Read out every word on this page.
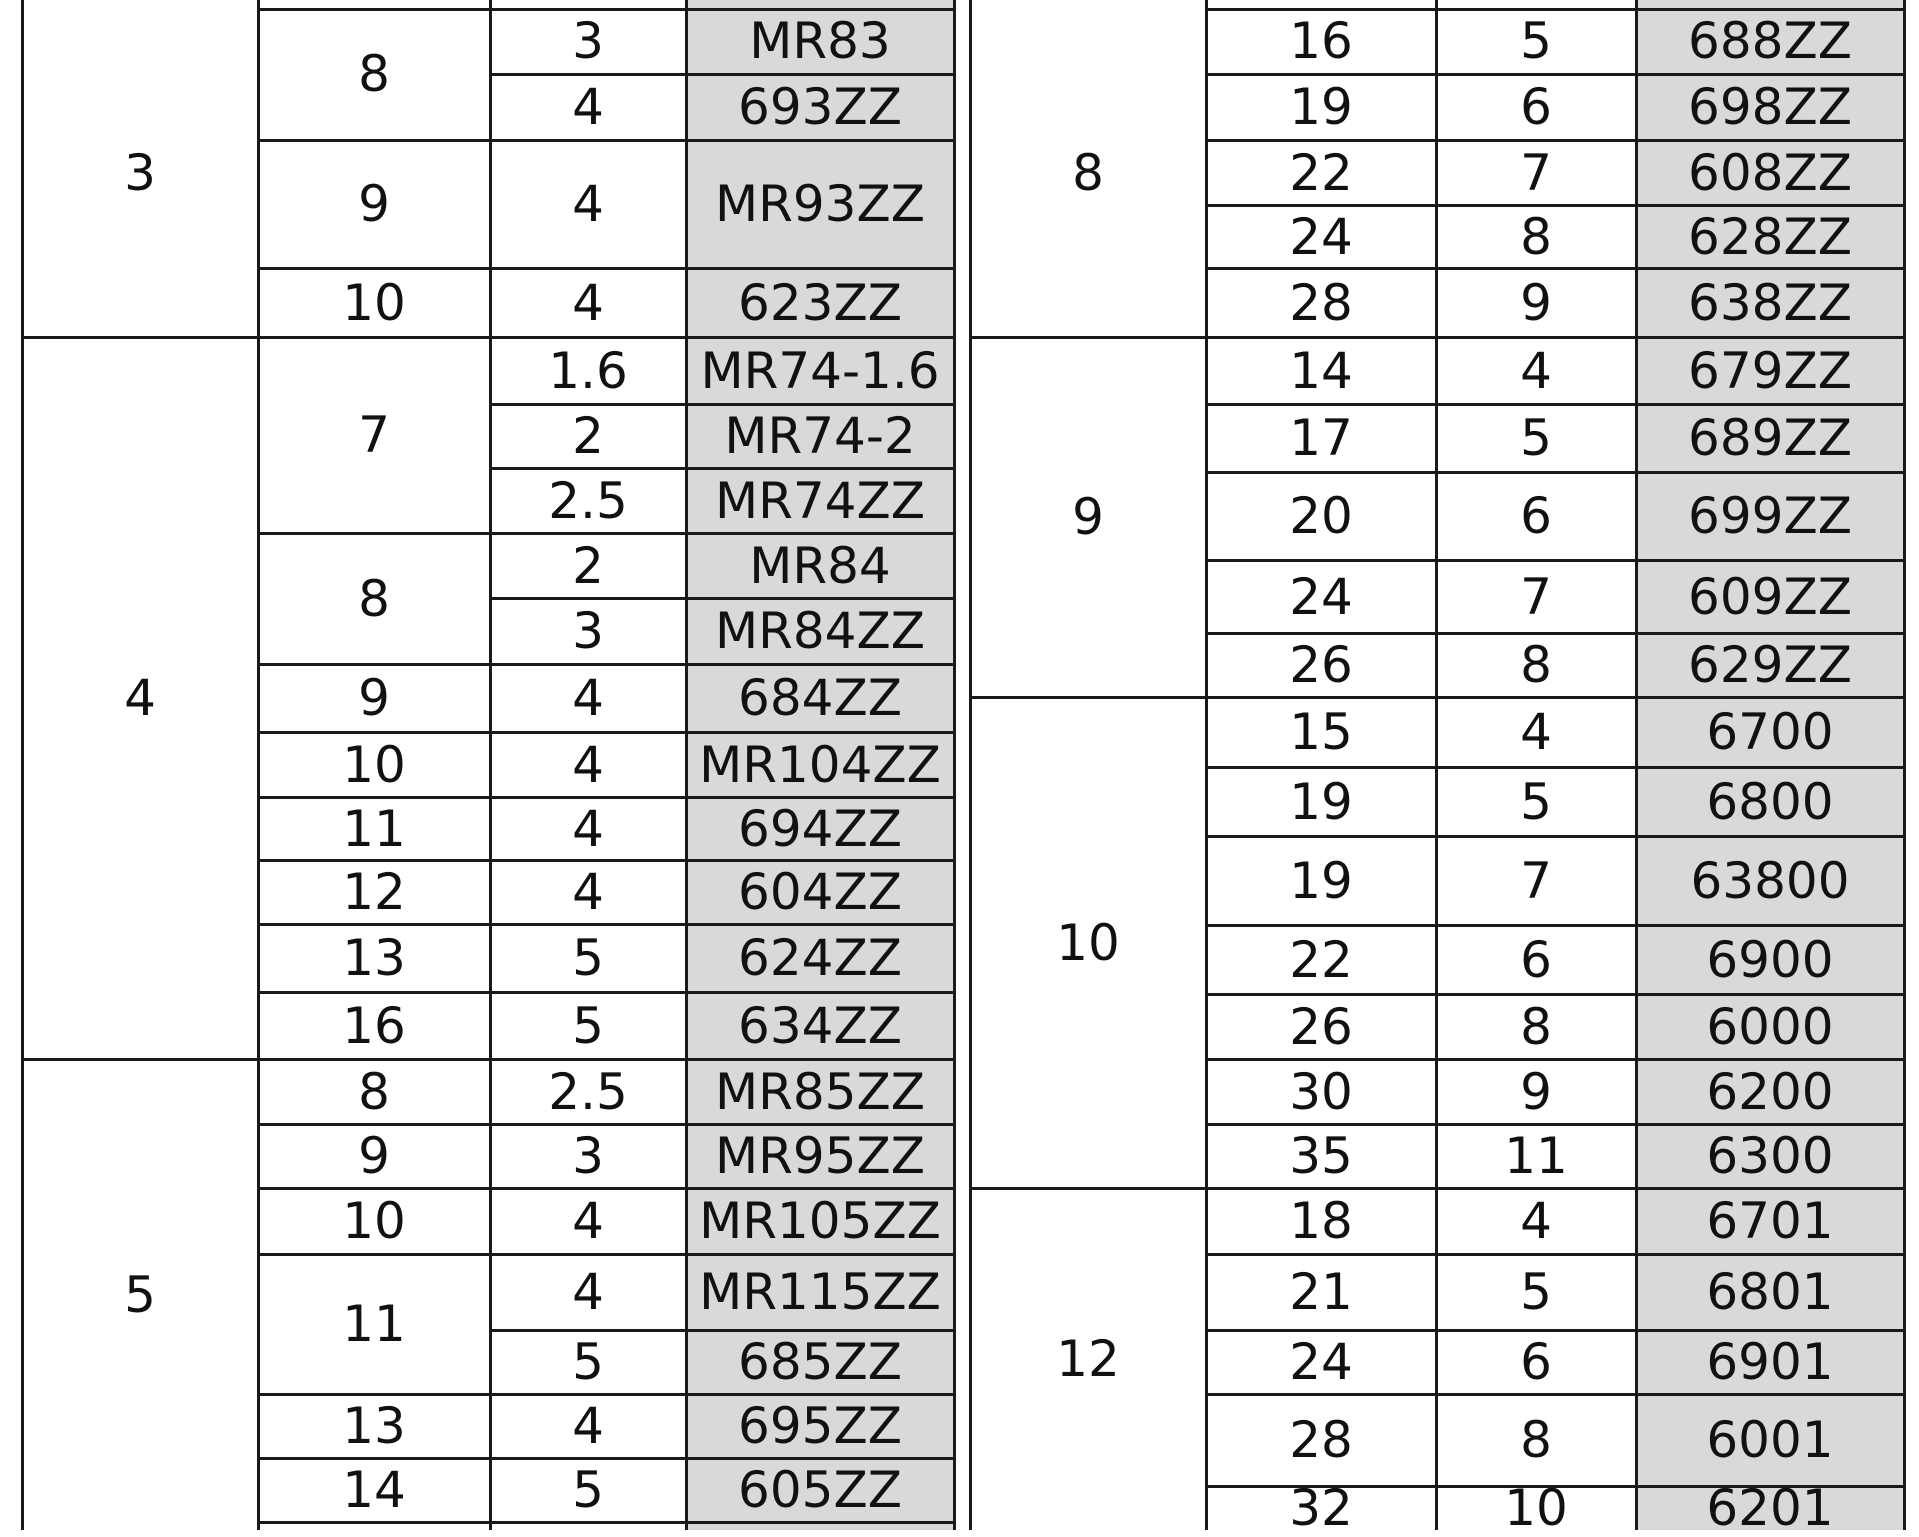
3
8
3	MR83
4	693ZZ
9	4	MR93ZZ
10	4	623ZZ
4
7
1.6	MR74-1.6
2	MR74-2
2.5	MR74ZZ
8
2	MR84
3	MR84ZZ
9	4	684ZZ
10	4	MR104ZZ
11	4	694ZZ
12	4	604ZZ
13	5	624ZZ
16	5	634ZZ
5
8	2.5	MR85ZZ
9	3	MR95ZZ
10	4	MR105ZZ
11
4	MR115ZZ
5	685ZZ
13	4	695ZZ
14	5	605ZZ
8
16	5	688ZZ
19	6	698ZZ
22	7	608ZZ
24	8	628ZZ
28	9	638ZZ
9
14	4	679ZZ
17	5	689ZZ
20	6	699ZZ
24	7	609ZZ
26	8	629ZZ
10
15	4	6700
19	5	6800
19	7	63800
22	6	6900
26	8	6000
30	9	6200
35	11	6300
12
18	4	6701
21	5	6801
24	6	6901
28	8	6001
32	10	6201
